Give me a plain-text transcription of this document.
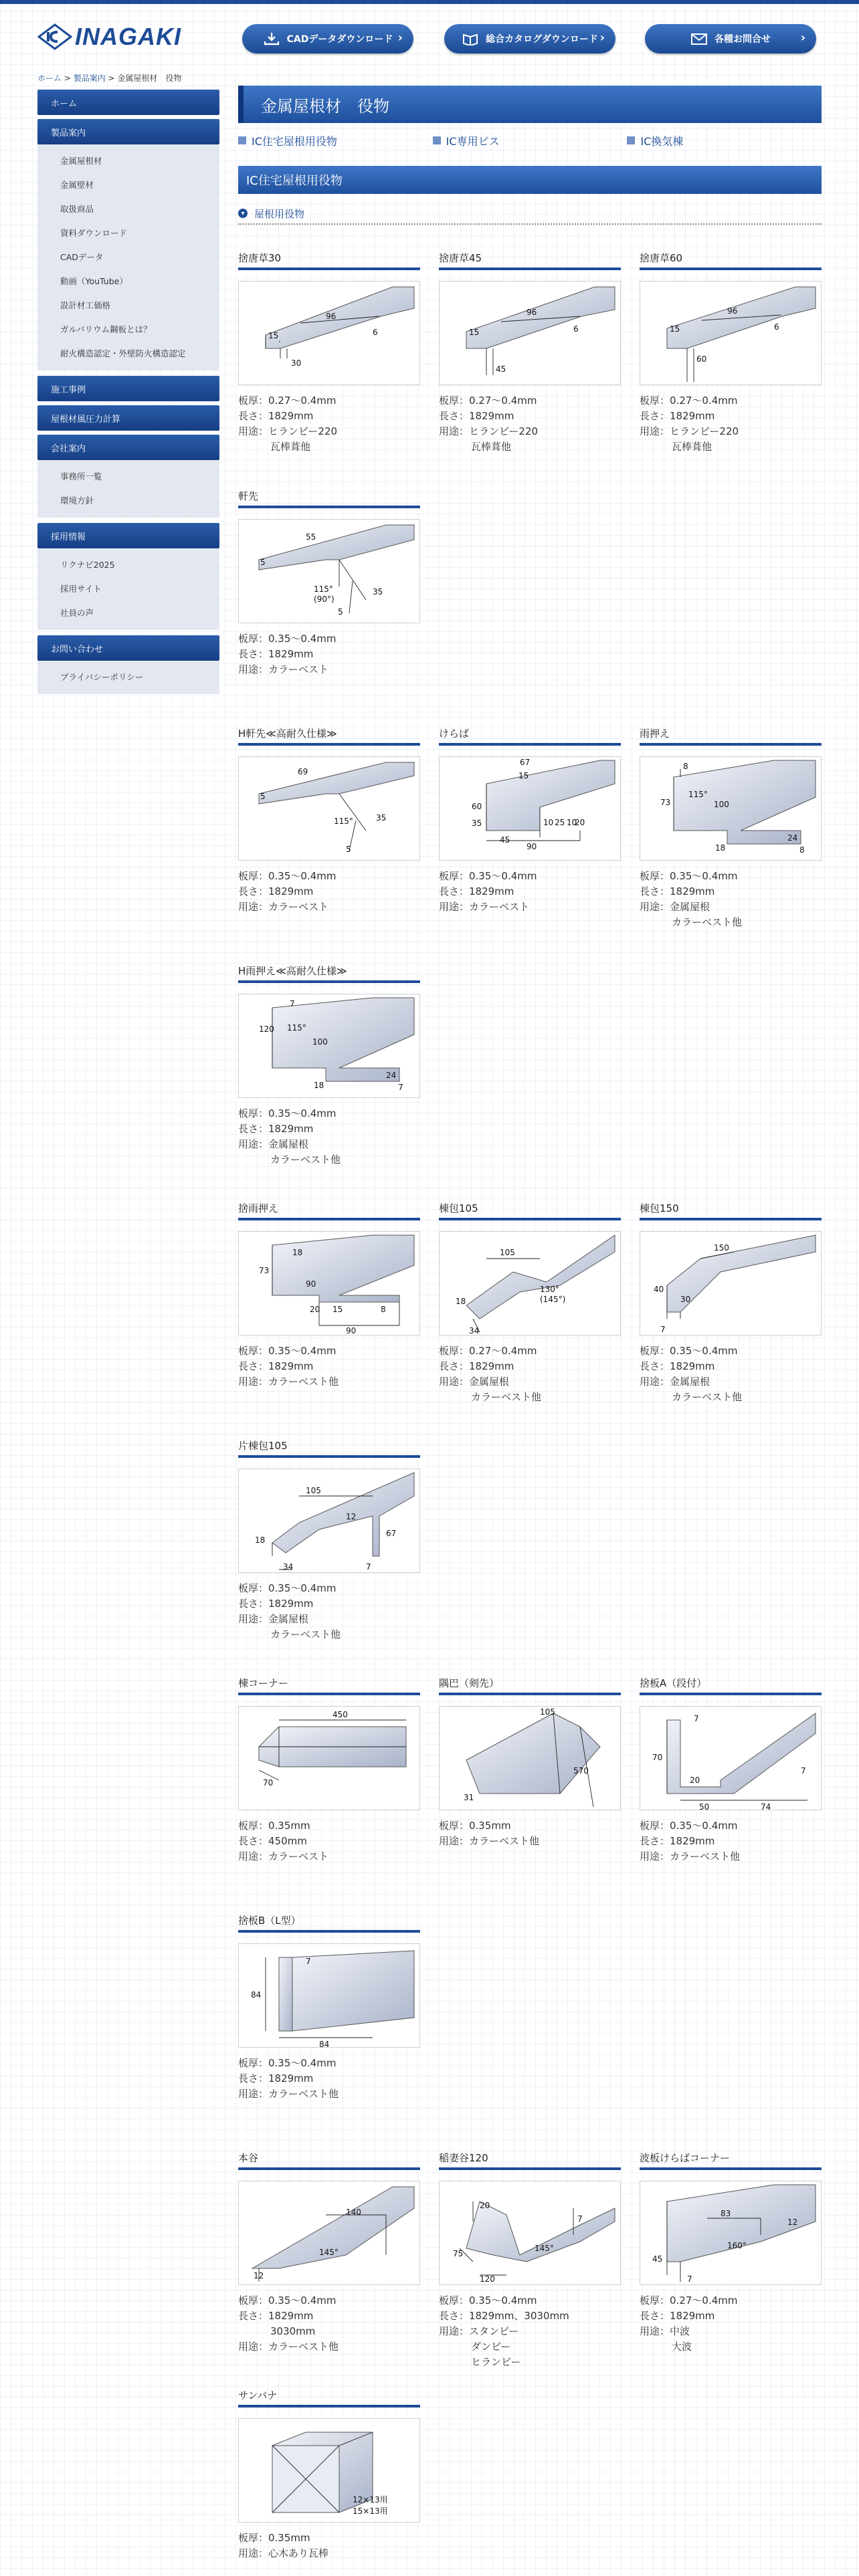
INAGAKI	CADデータダウンロード ›	総合カタログダウンロード ›	各種お問合せ ›
ホーム > 製品案内 > 金属屋根材　役物
ホーム
製品案内
金属屋根材
金属壁材
取扱商品
資料ダウンロード
CADデータ
動画（YouTube）
設計材工価格
ガルバリウム鋼板とは？
耐火構造認定・外壁防火構造認定
施工事例
屋根材風圧力計算
会社案内
事務所一覧
環境方針
採用情報
リクナビ2025
採用サイト
社員の声
お問い合わせ
プライバシーポリシー
金属屋根材　役物
IC住宅屋根用役物	IC専用ビス	IC換気棟
IC住宅屋根用役物
▾ 屋根用役物
捨唐草30
96
15	6
30
板厚：0.27〜0.4mm
長さ：1829mm
用途：ヒランビー220
瓦棒葺他
捨唐草45
96
15	6
45
板厚：0.27〜0.4mm
長さ：1829mm
用途：ヒランビー220
瓦棒葺他
捨唐草60
96
15	6
60
板厚：0.27〜0.4mm
長さ：1829mm
用途：ヒランビー220
瓦棒葺他
軒先
55
5
35
115°
(90°)
5
板厚：0.35〜0.4mm
長さ：1829mm
用途：カラーベスト
H軒先≪高耐久仕様≫
69
5
35
115°
5
板厚：0.35〜0.4mm
長さ：1829mm
用途：カラーベスト
けらば
67
15
60
35
45
10 25 10
20
90
板厚：0.35〜0.4mm
長さ：1829mm
用途：カラーベスト
雨押え
8
73
115°
100
18
24
8
板厚：0.35〜0.4mm
長さ：1829mm
用途：金属屋根
カラーベスト他
H雨押え≪高耐久仕様≫
7
120 115°
100
18
24
7
板厚：0.35〜0.4mm
長さ：1829mm
用途：金属屋根
カラーベスト他
捨雨押え
18
73
90
20 15	8
90
板厚：0.35〜0.4mm
長さ：1829mm
用途：カラーベスト他
棟包105
105
130°
(145°)
18
34
板厚：0.27〜0.4mm
長さ：1829mm
用途：金属屋根
カラーベスト他
棟包150
150
40
30
7
板厚：0.35〜0.4mm
長さ：1829mm
用途：金属屋根
カラーベスト他
片棟包105
105
12
67
18
34	7
板厚：0.35〜0.4mm
長さ：1829mm
用途：金属屋根
カラーベスト他
棟コーナー
450
70
板厚：0.35mm
長さ：450mm
用途：カラーベスト
隅巴（剣先）
105
570
31
板厚：0.35mm
用途：カラーベスト他
捨板A（段付）
7
70
20
50	74
7
板厚：0.35〜0.4mm
長さ：1829mm
用途：カラーベスト他
捨板B（L型）
7
84
84
板厚：0.35〜0.4mm
長さ：1829mm
用途：カラーベスト他
本谷
140
145°
12
板厚：0.35〜0.4mm
長さ：1829mm
3030mm
用途：カラーベスト他
稲妻谷120
20
7
75
145°
120
板厚：0.35〜0.4mm
長さ：1829mm、3030mm
用途：スタンビー
ダンビー
ヒランビー
波板けらばコーナー
83
12
160°
45
7
板厚：0.27〜0.4mm
長さ：1829mm
用途：中波
大波
サンバナ
12×13用
15×13用
板厚：0.35mm
用途：心木あり瓦棒
